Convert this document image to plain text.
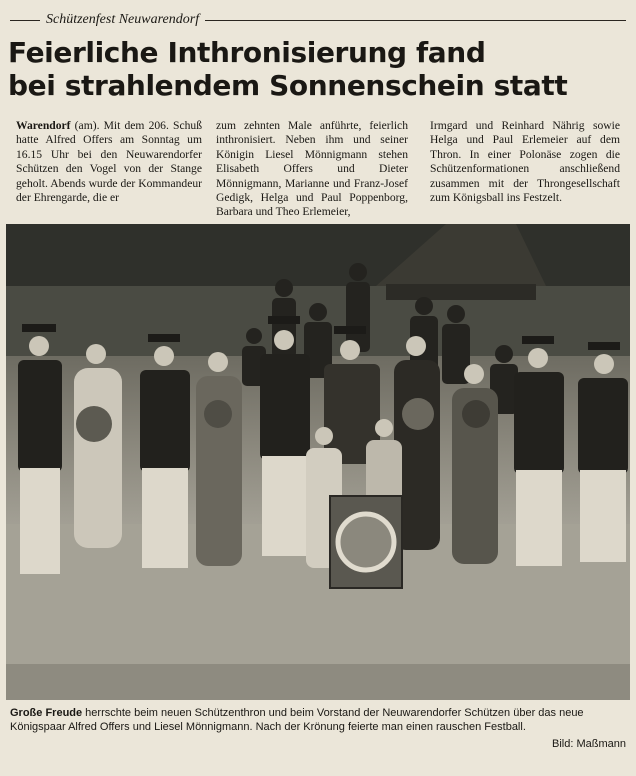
Schützenfest Neuwarendorf
Feierliche Inthronisierung fand
bei strahlendem Sonnenschein statt
Warendorf (am). Mit dem 206. Schuß hatte Alfred Offers am Sonntag um 16.15 Uhr bei den Neuwarendorfer Schützen den Vogel von der Stange geholt. Abends wurde der Kommandeur der Ehrengarde, die er
zum zehnten Male anführte, feierlich inthronisiert. Neben ihm und seiner Königin Liesel Mönnigmann stehen Elisabeth Offers und Dieter Mönnigmann, Marianne und Franz-Josef Gedigk, Helga und Paul Poppenborg, Barbara und Theo Erlemeier,
Irmgard und Reinhard Nährig sowie Helga und Paul Erlemeier auf dem Thron. In einer Polonäse zogen die Schützenformationen anschließend zusammen mit der Throngesellschaft zum Königsball ins Festzelt.
Große Freude herrschte beim neuen Schützenthron und beim Vorstand der Neuwarendorfer Schützen über das neue Königspaar Alfred Offers und Liesel Mönnigmann. Nach der Krönung feierte man einen rauschen Festball.
Bild: Maßmann
